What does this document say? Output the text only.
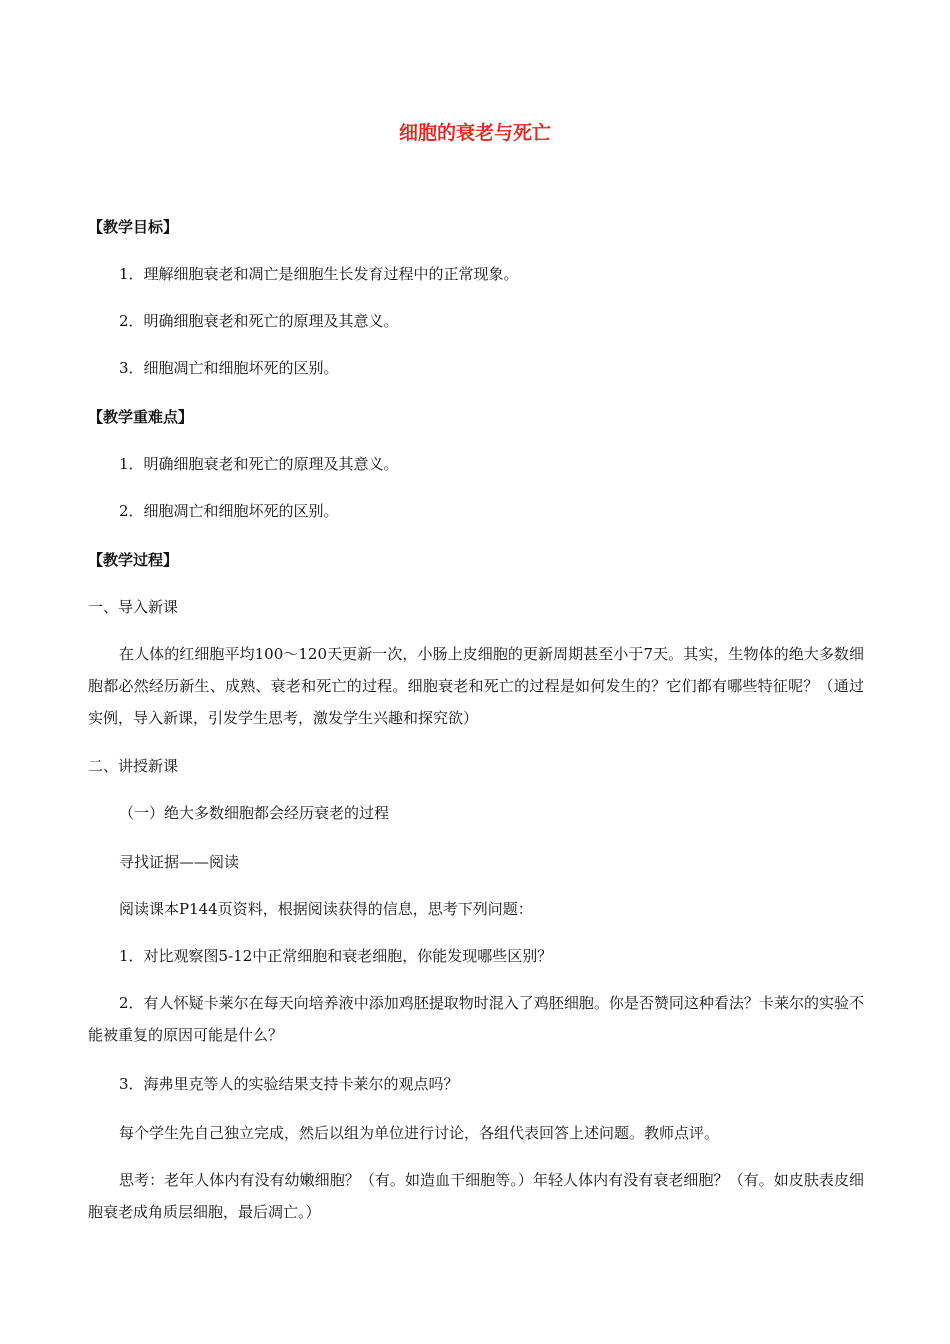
细胞的衰老与死亡
【教学目标】
1．理解细胞衰老和凋亡是细胞生长发育过程中的正常现象。
2．明确细胞衰老和死亡的原理及其意义。
3．细胞凋亡和细胞坏死的区别。
【教学重难点】
1．明确细胞衰老和死亡的原理及其意义。
2．细胞凋亡和细胞坏死的区别。
【教学过程】
一、导入新课
在人体的红细胞平均100～120天更新一次，小肠上皮细胞的更新周期甚至小于7天。其实，生物体的绝大多数细胞都必然经历新生、成熟、衰老和死亡的过程。细胞衰老和死亡的过程是如何发生的？它们都有哪些特征呢？（通过实例，导入新课，引发学生思考，激发学生兴趣和探究欲）
二、讲授新课
（一）绝大多数细胞都会经历衰老的过程
寻找证据——阅读
阅读课本P144页资料，根据阅读获得的信息，思考下列问题：
1．对比观察图5-12中正常细胞和衰老细胞，你能发现哪些区别？
2．有人怀疑卡莱尔在每天向培养液中添加鸡胚提取物时混入了鸡胚细胞。你是否赞同这种看法？卡莱尔的实验不能被重复的原因可能是什么？
3．海弗里克等人的实验结果支持卡莱尔的观点吗？
每个学生先自己独立完成，然后以组为单位进行讨论，各组代表回答上述问题。教师点评。
思考：老年人体内有没有幼嫩细胞？（有。如造血干细胞等。）年轻人体内有没有衰老细胞？（有。如皮肤表皮细胞衰老成角质层细胞，最后凋亡。）
